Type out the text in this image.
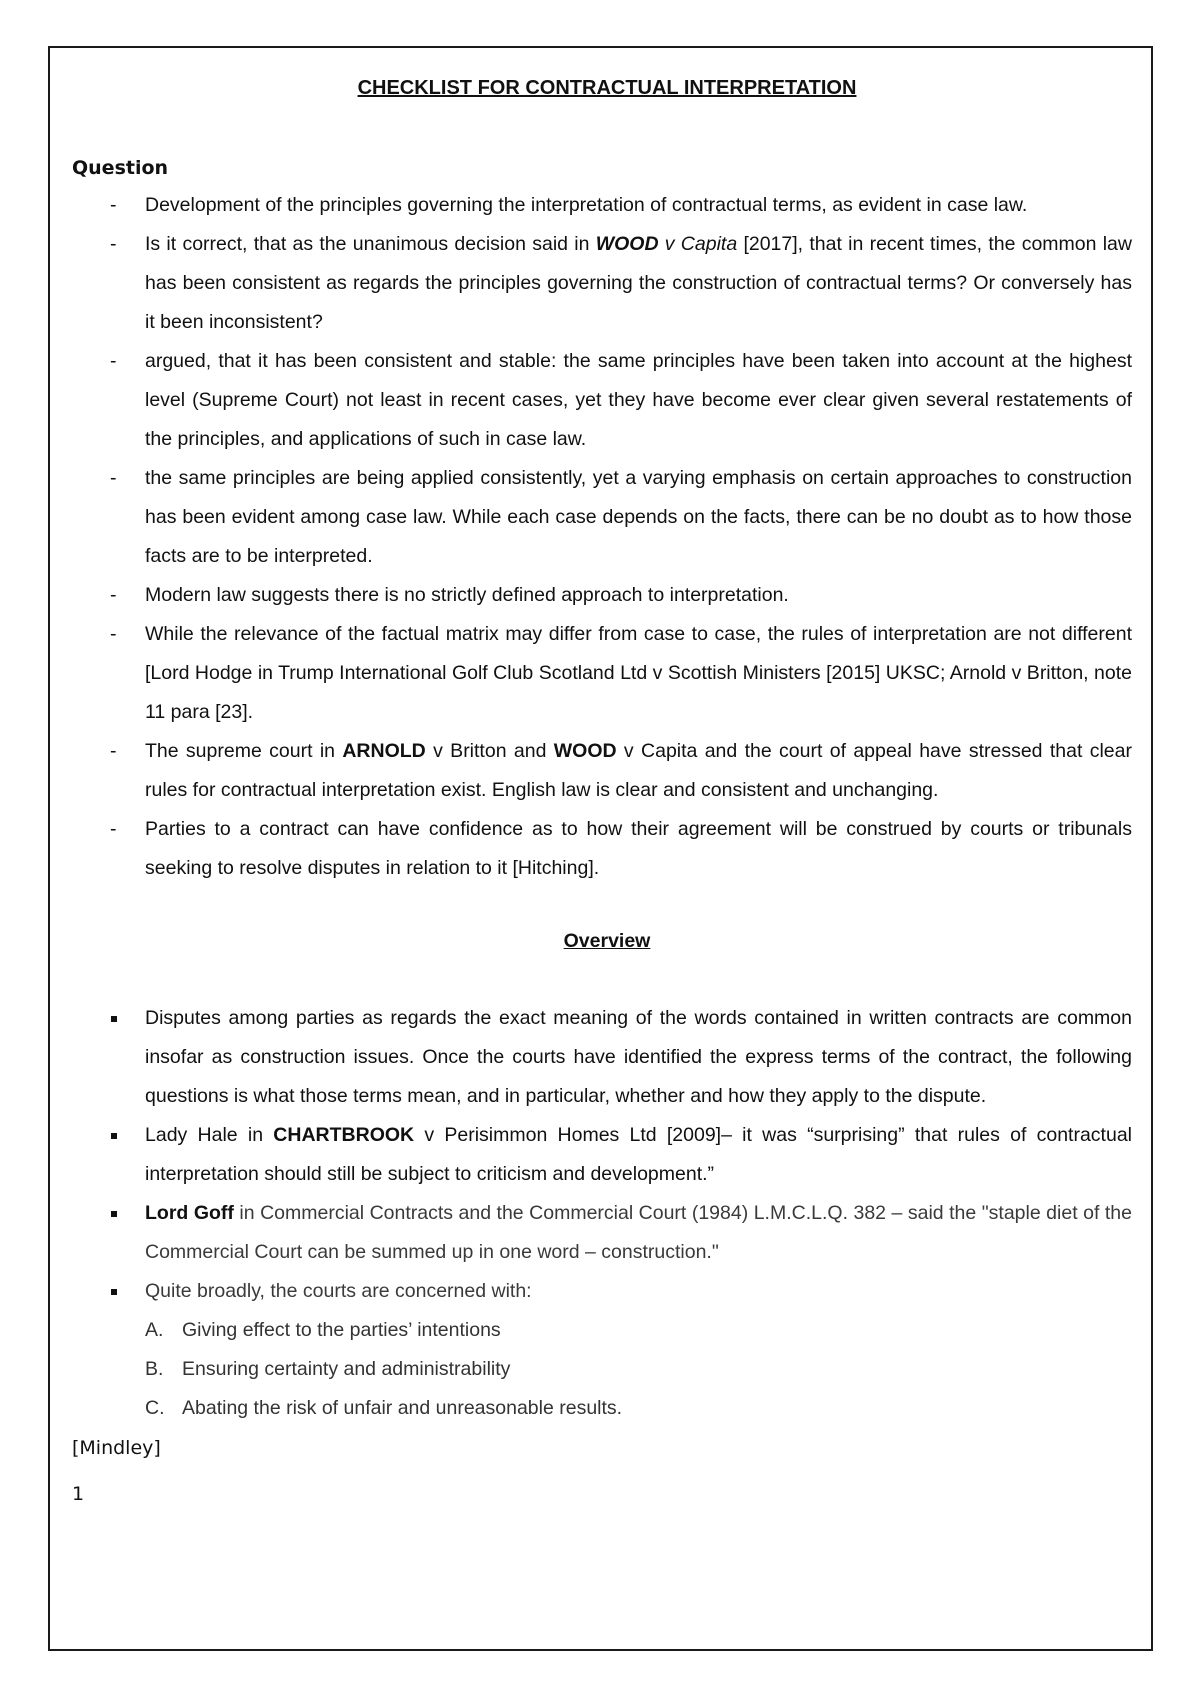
CHECKLIST FOR CONTRACTUAL INTERPRETATION
Question
- Development of the principles governing the interpretation of contractual terms, as evident in case law.
- Is it correct, that as the unanimous decision said in WOOD v Capita [2017], that in recent times, the common law has been consistent as regards the principles governing the construction of contractual terms? Or conversely has it been inconsistent?
- argued, that it has been consistent and stable: the same principles have been taken into account at the highest level (Supreme Court) not least in recent cases, yet they have become ever clear given several restatements of the principles, and applications of such in case law.
- the same principles are being applied consistently, yet a varying emphasis on certain approaches to construction has been evident among case law. While each case depends on the facts, there can be no doubt as to how those facts are to be interpreted.
- Modern law suggests there is no strictly defined approach to interpretation.
- While the relevance of the factual matrix may differ from case to case, the rules of interpretation are not different [Lord Hodge in Trump International Golf Club Scotland Ltd v Scottish Ministers [2015] UKSC; Arnold v Britton, note 11 para [23].
- The supreme court in ARNOLD v Britton and WOOD v Capita and the court of appeal have stressed that clear rules for contractual interpretation exist. English law is clear and consistent and unchanging.
- Parties to a contract can have confidence as to how their agreement will be construed by courts or tribunals seeking to resolve disputes in relation to it [Hitching].
Overview
Disputes among parties as regards the exact meaning of the words contained in written contracts are common insofar as construction issues. Once the courts have identified the express terms of the contract, the following questions is what those terms mean, and in particular, whether and how they apply to the dispute.
Lady Hale in CHARTBROOK v Perisimmon Homes Ltd [2009]– it was “surprising” that rules of contractual interpretation should still be subject to criticism and development.”
Lord Goff in Commercial Contracts and the Commercial Court (1984) L.M.C.L.Q. 382 – said the "staple diet of the Commercial Court can be summed up in one word – construction."
Quite broadly, the courts are concerned with:
A. Giving effect to the parties’ intentions
B. Ensuring certainty and administrability
C. Abating the risk of unfair and unreasonable results.
[Mindley]
1
